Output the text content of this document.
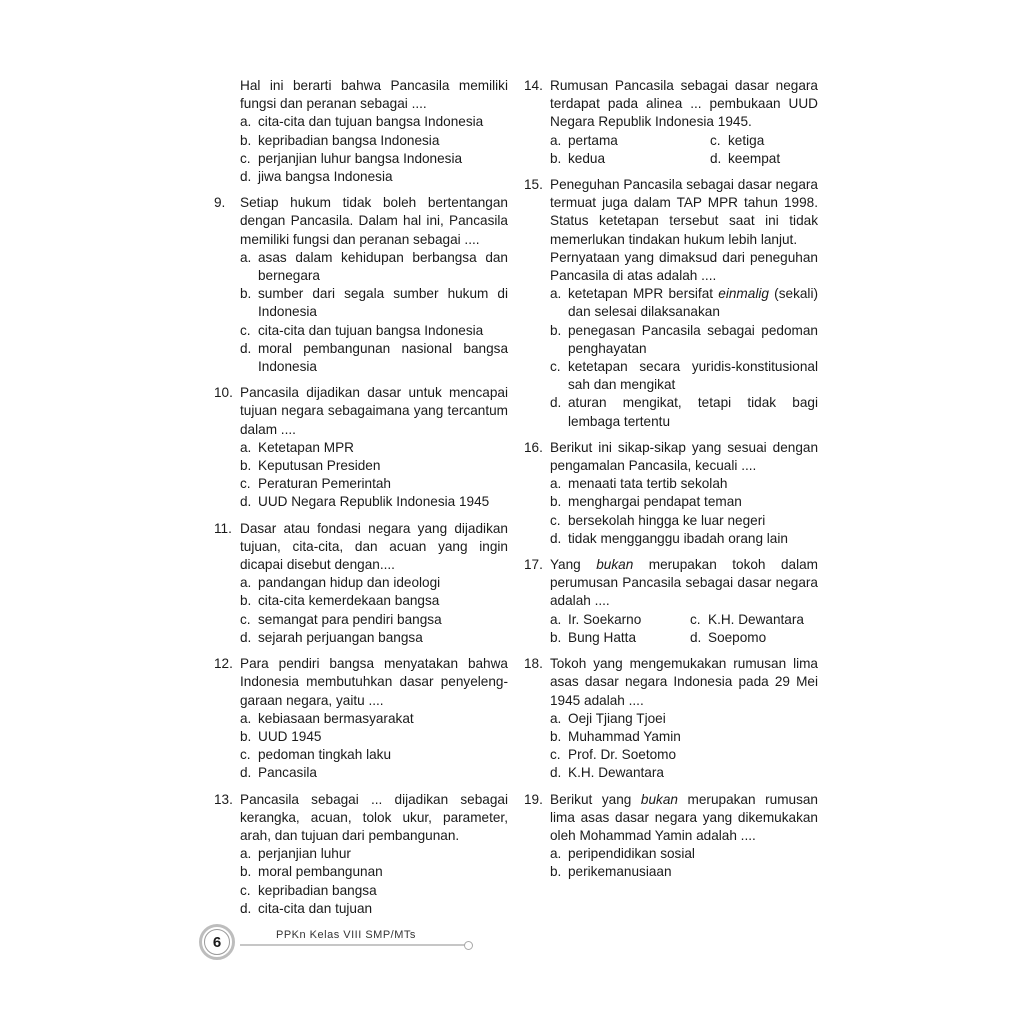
Hal ini berarti bahwa Pancasila memiliki fungsi dan peranan sebagai ....
a. cita-cita dan tujuan bangsa Indonesia
b. kepribadian bangsa Indonesia
c. perjanjian luhur bangsa Indonesia
d. jiwa bangsa Indonesia
9.	Setiap hukum tidak boleh bertentangan dengan Pancasila. Dalam hal ini, Pancasila memiliki fungsi dan peranan sebagai ....
a. asas dalam kehidupan berbangsa dan bernegara
b. sumber dari segala sumber hukum di Indonesia
c. cita-cita dan tujuan bangsa Indonesia
d. moral pembangunan nasional bangsa Indonesia
10. Pancasila dijadikan dasar untuk mencapai tujuan negara sebagaimana yang tercantum dalam ....
a. Ketetapan MPR
b. Keputusan Presiden
c. Peraturan Pemerintah
d. UUD Negara Republik Indonesia 1945
11. Dasar atau fondasi negara yang dijadikan tujuan, cita-cita, dan acuan yang ingin dicapai disebut dengan....
a. pandangan hidup dan ideologi
b. cita-cita kemerdekaan bangsa
c. semangat para pendiri bangsa
d. sejarah perjuangan bangsa
12. Para pendiri bangsa menyatakan bahwa Indonesia membutuhkan dasar penyeleng-garaan negara, yaitu ....
a. kebiasaan bermasyarakat
b. UUD 1945
c. pedoman tingkah laku
d. Pancasila
13. Pancasila sebagai ... dijadikan sebagai kerangka, acuan, tolok ukur, parameter, arah, dan tujuan dari pembangunan.
a. perjanjian luhur
b. moral pembangunan
c. kepribadian bangsa
d. cita-cita dan tujuan
14. Rumusan Pancasila sebagai dasar negara terdapat pada alinea ... pembukaan UUD Negara Republik Indonesia 1945.
a. pertama	c. ketiga
b. kedua	d. keempat
15. Peneguhan Pancasila sebagai dasar negara termuat juga dalam TAP MPR tahun 1998. Status ketetapan tersebut saat ini tidak memerlukan tindakan hukum lebih lanjut.
Pernyataan yang dimaksud dari peneguhan Pancasila di atas adalah ....
a. ketetapan MPR bersifat einmalig (sekali) dan selesai dilaksanakan
b. penegasan Pancasila sebagai pedoman penghayatan
c. ketetapan secara yuridis-konstitusional sah dan mengikat
d. aturan mengikat, tetapi tidak bagi lembaga tertentu
16. Berikut ini sikap-sikap yang sesuai dengan pengamalan Pancasila, kecuali ....
a. menaati tata tertib sekolah
b. menghargai pendapat teman
c. bersekolah hingga ke luar negeri
d. tidak mengganggu ibadah orang lain
17. Yang bukan merupakan tokoh dalam perumusan Pancasila sebagai dasar negara adalah ....
a. Ir. Soekarno	c. K.H. Dewantara
b. Bung Hatta	d. Soepomo
18. Tokoh yang mengemukakan rumusan lima asas dasar negara Indonesia pada 29 Mei 1945 adalah ....
a. Oeji Tjiang Tjoei
b. Muhammad Yamin
c. Prof. Dr. Soetomo
d. K.H. Dewantara
19. Berikut yang bukan merupakan rumusan lima asas dasar negara yang dikemukakan oleh Mohammad Yamin adalah ....
a. peripendidikan sosial
b. perikemanusiaan
6	PPKn Kelas VIII SMP/MTs
